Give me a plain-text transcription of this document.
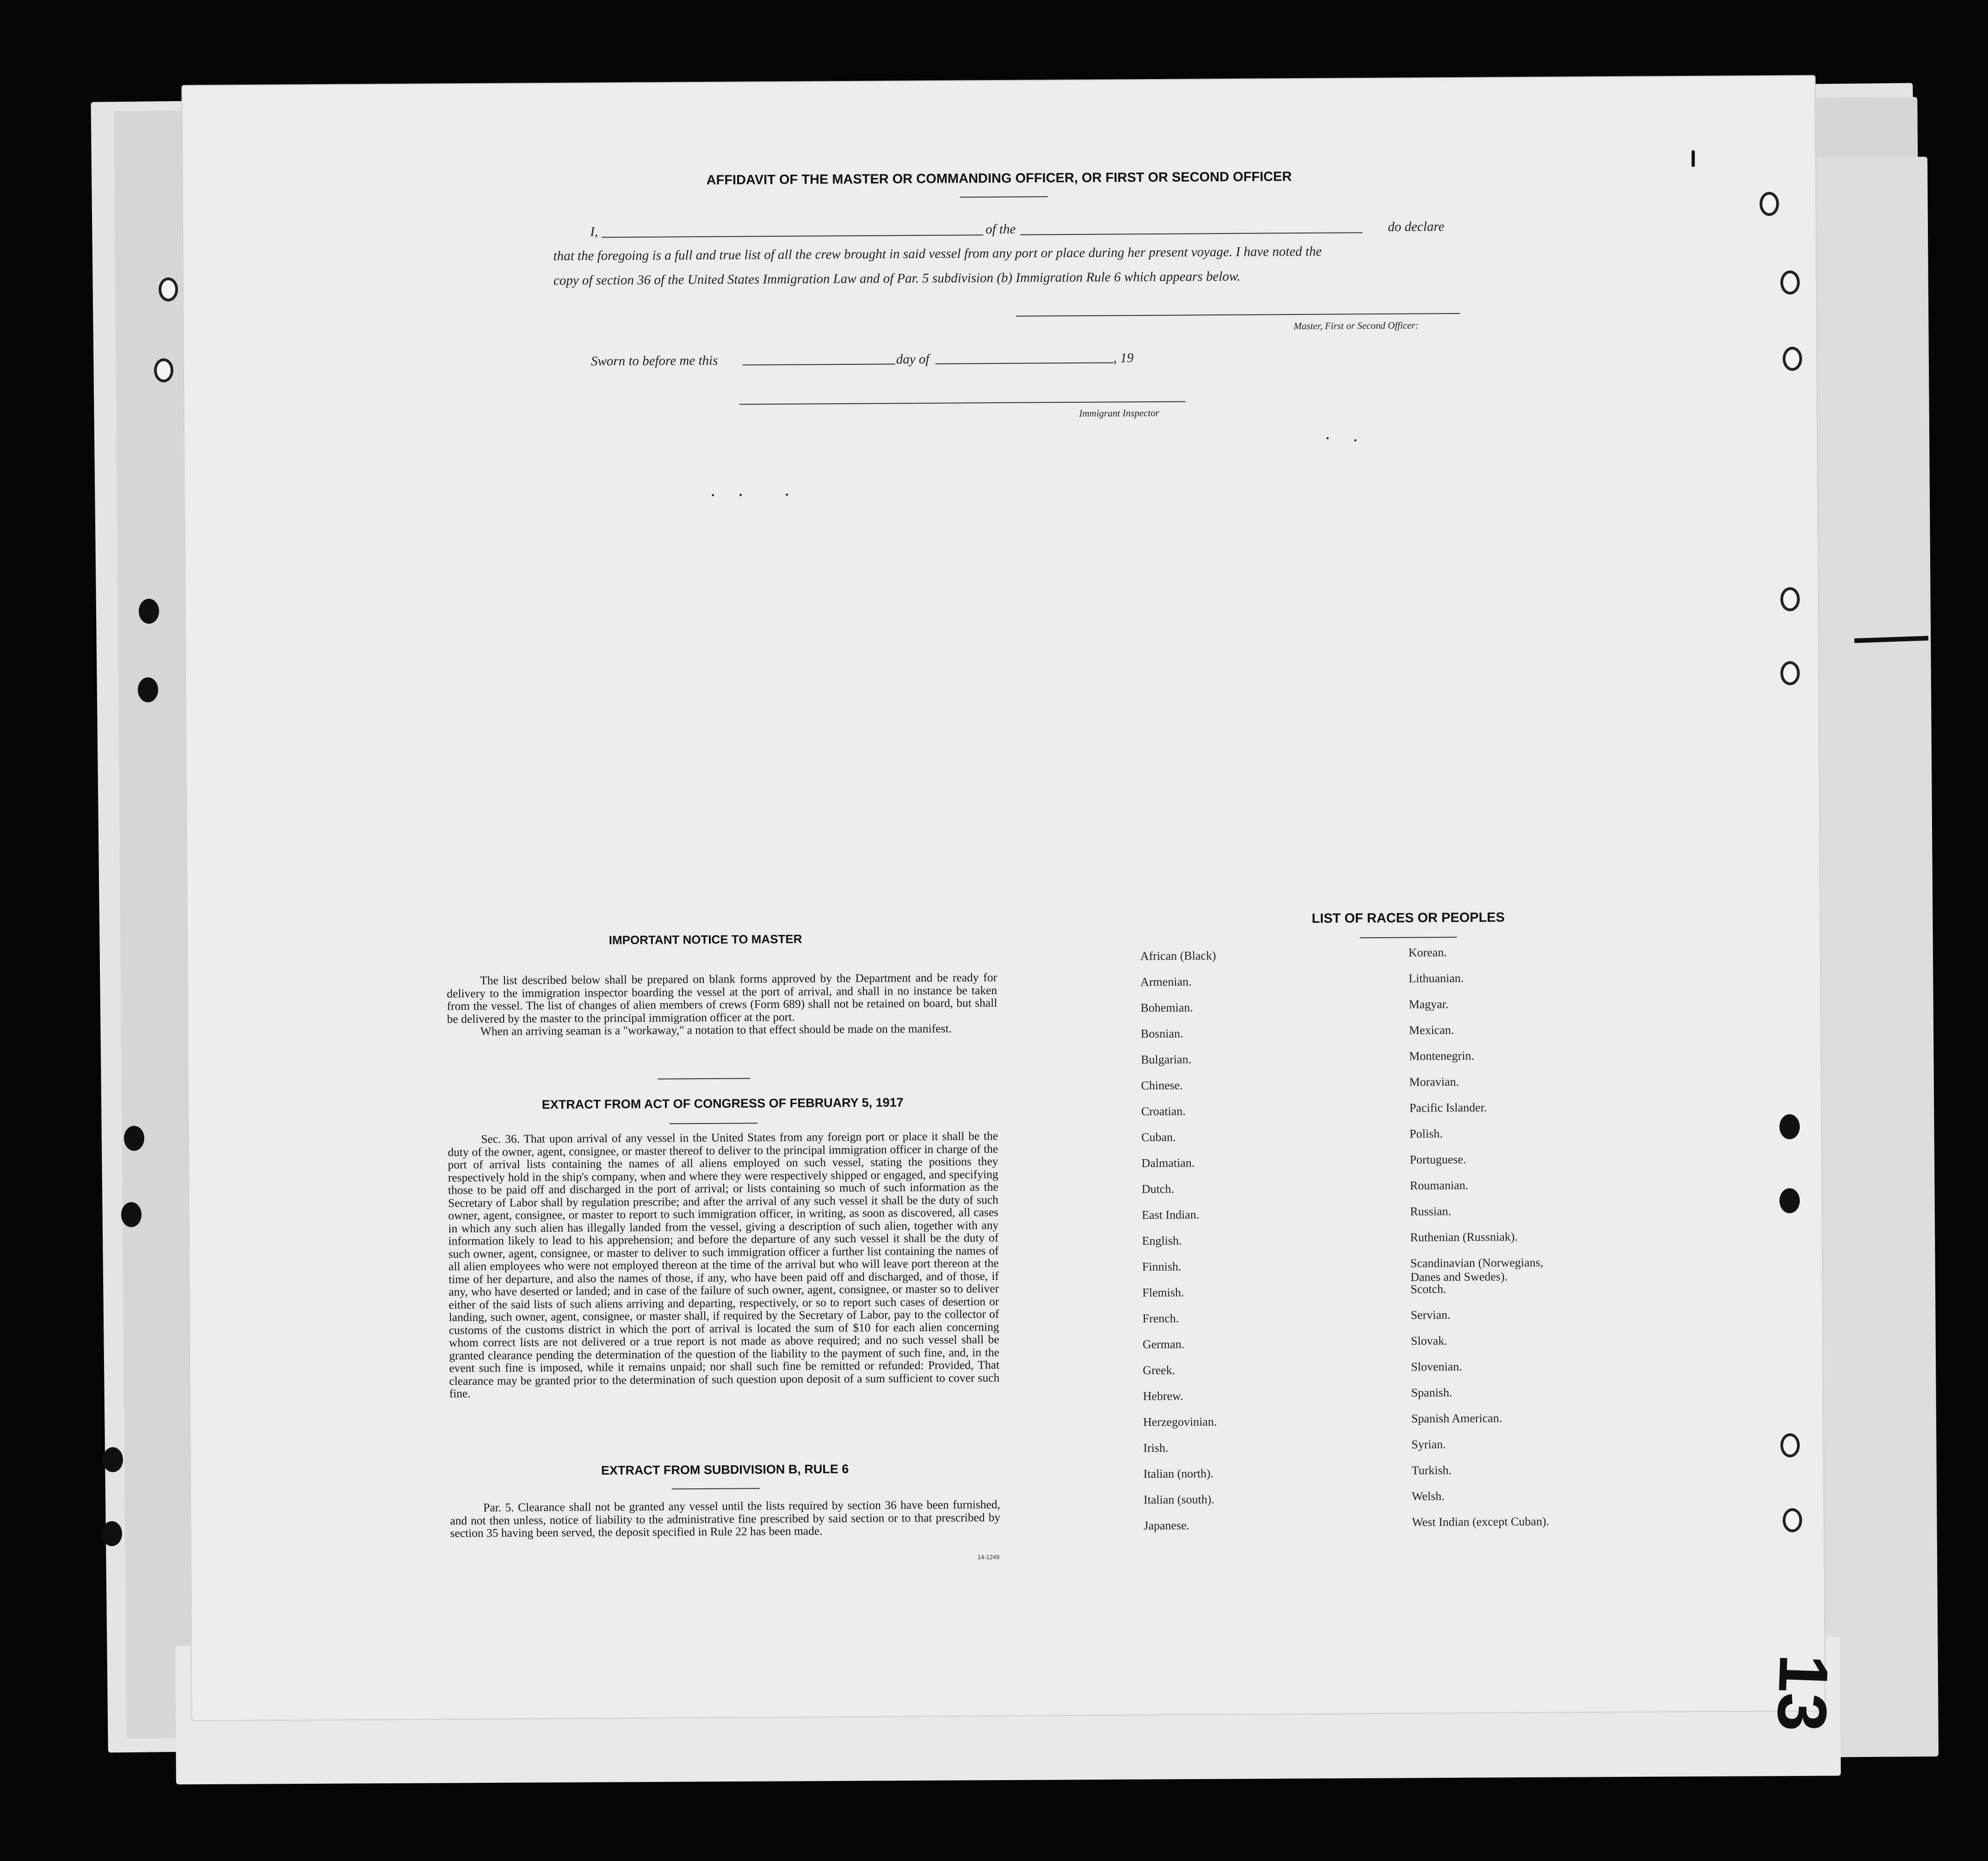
AFFIDAVIT OF THE MASTER OR COMMANDING OFFICER, OR FIRST OR SECOND OFFICER
I,	of the	do declare
that the foregoing is a full and true list of all the crew brought in said vessel from any port or place during her present voyage. I have noted the
copy of section 36 of the United States Immigration Law and of Par. 5 subdivision (b) Immigration Rule 6 which appears below.
Master, First or Second Officer:
Sworn to before me this	day of	, 19
Immigrant Inspector
IMPORTANT NOTICE TO MASTER

The list described below shall be prepared on blank forms approved by the Department and be ready for delivery to the immigration inspector boarding the vessel at the port of arrival, and shall in no instance be taken from the vessel. The list of changes of alien members of crews (Form 689) shall not be retained on board, but shall be delivered by the master to the principal immigration officer at the port.

When an arriving seaman is a "workaway," a notation to that effect should be made on the manifest.

EXTRACT FROM ACT OF CONGRESS OF FEBRUARY 5, 1917

Sec. 36. That upon arrival of any vessel in the United States from any foreign port or place it shall be the duty of the owner, agent, consignee, or master thereof to deliver to the principal immigration officer in charge of the port of arrival lists containing the names of all aliens employed on such vessel, stating the positions they respectively hold in the ship's company, when and where they were respectively shipped or engaged, and specifying those to be paid off and discharged in the port of arrival; or lists containing so much of such information as the Secretary of Labor shall by regulation prescribe; and after the arrival of any such vessel it shall be the duty of such owner, agent, consignee, or master to report to such immigration officer, in writing, as soon as discovered, all cases in which any such alien has illegally landed from the vessel, giving a description of such alien, together with any information likely to lead to his apprehension; and before the departure of any such vessel it shall be the duty of such owner, agent, consignee, or master to deliver to such immigration officer a further list containing the names of all alien employees who were not employed thereon at the time of the arrival but who will leave port thereon at the time of her departure, and also the names of those, if any, who have been paid off and discharged, and of those, if any, who have deserted or landed; and in case of the failure of such owner, agent, consignee, or master so to deliver either of the said lists of such aliens arriving and departing, respectively, or so to report such cases of desertion or landing, such owner, agent, consignee, or master shall, if required by the Secretary of Labor, pay to the collector of customs of the customs district in which the port of arrival is located the sum of $10 for each alien concerning whom correct lists are not delivered or a true report is not made as above required; and no such vessel shall be granted clearance pending the determination of the question of the liability to the payment of such fine, and, in the event such fine is imposed, while it remains unpaid; nor shall such fine be remitted or refunded: Provided, That clearance may be granted prior to the determination of such question upon deposit of a sum sufficient to cover such fine.

EXTRACT FROM SUBDIVISION B, RULE 6

Par. 5. Clearance shall not be granted any vessel until the lists required by section 36 have been furnished, and not then unless, notice of liability to the administrative fine prescribed by said section or to that prescribed by section 35 having been served, the deposit specified in Rule 22 has been made.

14-1249
LIST OF RACES OR PEOPLES
African (Black)
Armenian.
Bohemian.
Bosnian.
Bulgarian.
Chinese.
Croatian.
Cuban.
Dalmatian.
Dutch.
East Indian.
English.
Finnish.
Flemish.
French.
German.
Greek.
Hebrew.
Herzegovinian.
Irish.
Italian (north).
Italian (south).
Japanese.
Korean.
Lithuanian.
Magyar.
Mexican.
Montenegrin.
Moravian.
Pacific Islander.
Polish.
Portuguese.
Roumanian.
Russian.
Ruthenian (Russniak).
Scandinavian (Norwegians,
Danes and Swedes).
Scotch.
Servian.
Slovak.
Slovenian.
Spanish.
Spanish American.
Syrian.
Turkish.
Welsh.
West Indian (except Cuban).
13
